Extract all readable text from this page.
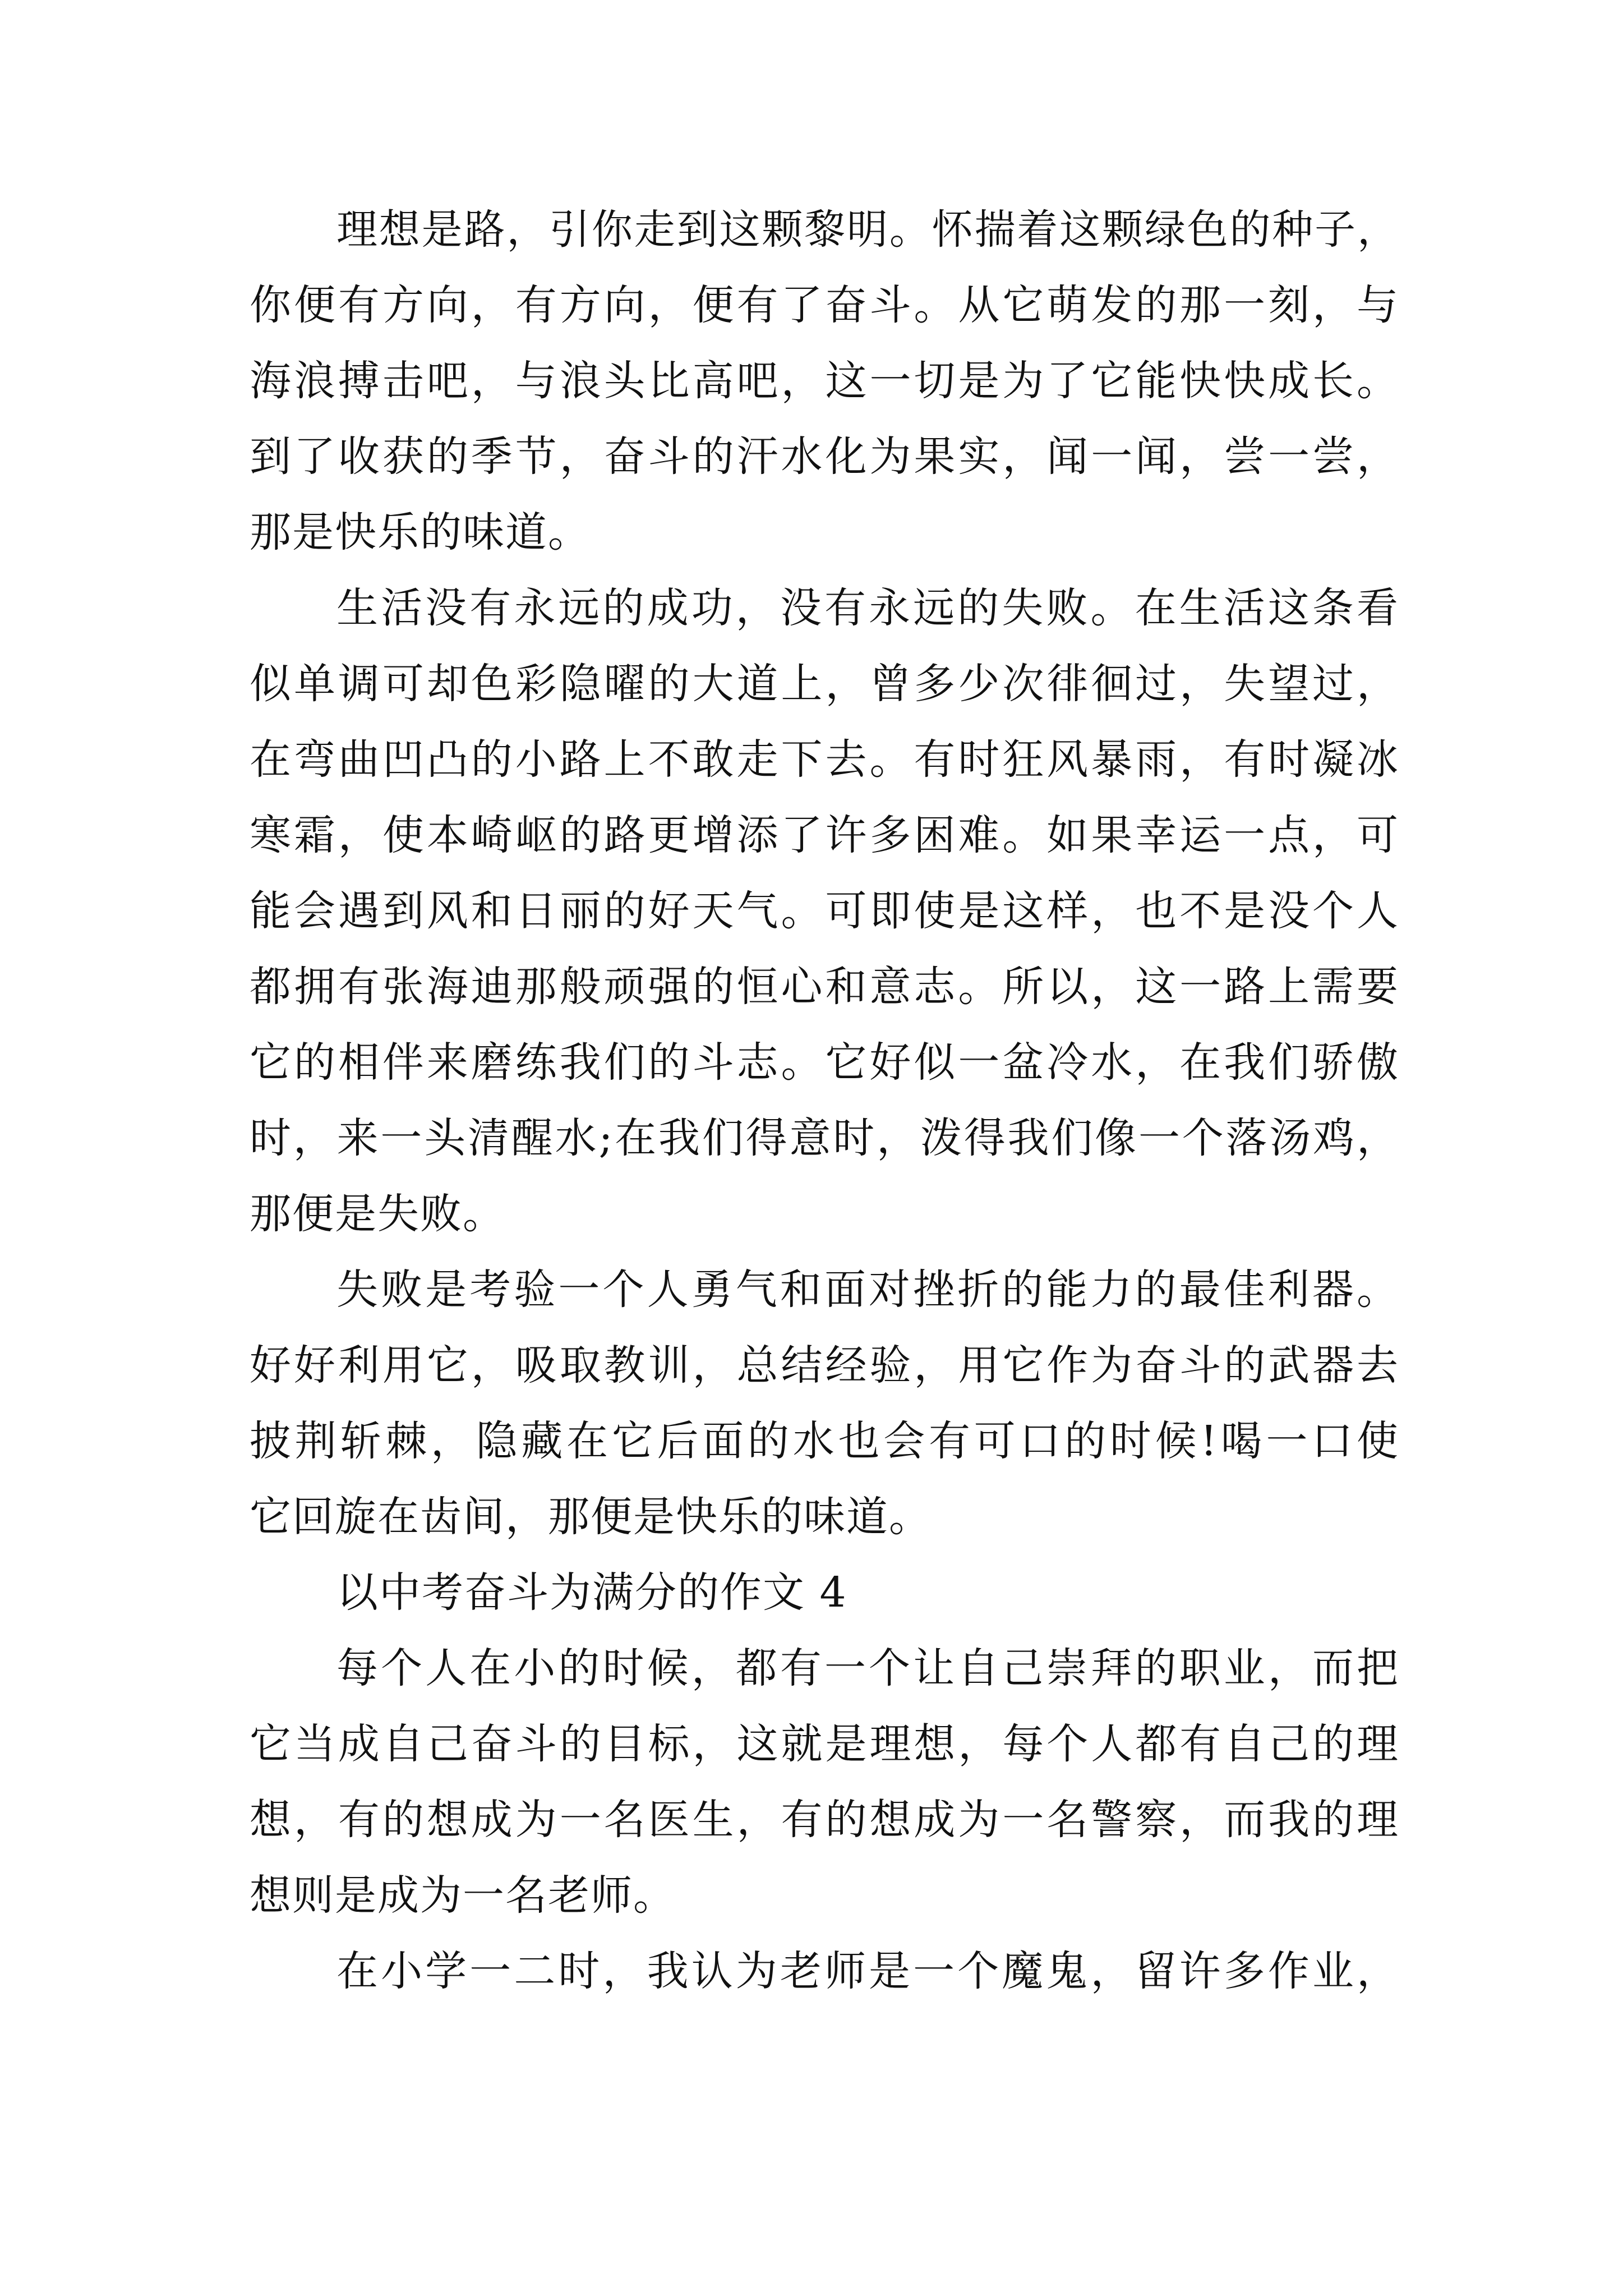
理想是路，引你走到这颗黎明。怀揣着这颗绿色的种子，
你便有方向，有方向，便有了奋斗。从它萌发的那一刻，与
海浪搏击吧，与浪头比高吧，这一切是为了它能快快成长。
到了收获的季节，奋斗的汗水化为果实，闻一闻，尝一尝，
那是快乐的味道。
生活没有永远的成功，没有永远的失败。在生活这条看
似单调可却色彩隐曜的大道上，曾多少次徘徊过，失望过，
在弯曲凹凸的小路上不敢走下去。有时狂风暴雨，有时凝冰
寒霜，使本崎岖的路更增添了许多困难。如果幸运一点，可
能会遇到风和日丽的好天气。可即使是这样，也不是没个人
都拥有张海迪那般顽强的恒心和意志。所以，这一路上需要
它的相伴来磨练我们的斗志。它好似一盆冷水，在我们骄傲
时，来一头清醒水;在我们得意时，泼得我们像一个落汤鸡，
那便是失败。
失败是考验一个人勇气和面对挫折的能力的最佳利器。
好好利用它，吸取教训，总结经验，用它作为奋斗的武器去
披荆斩棘，隐藏在它后面的水也会有可口的时候!喝一口使
它回旋在齿间，那便是快乐的味道。
以中考奋斗为满分的作文 4
每个人在小的时候，都有一个让自己崇拜的职业，而把
它当成自己奋斗的目标，这就是理想，每个人都有自己的理
想，有的想成为一名医生，有的想成为一名警察，而我的理
想则是成为一名老师。
在小学一二时，我认为老师是一个魔鬼，留许多作业，
